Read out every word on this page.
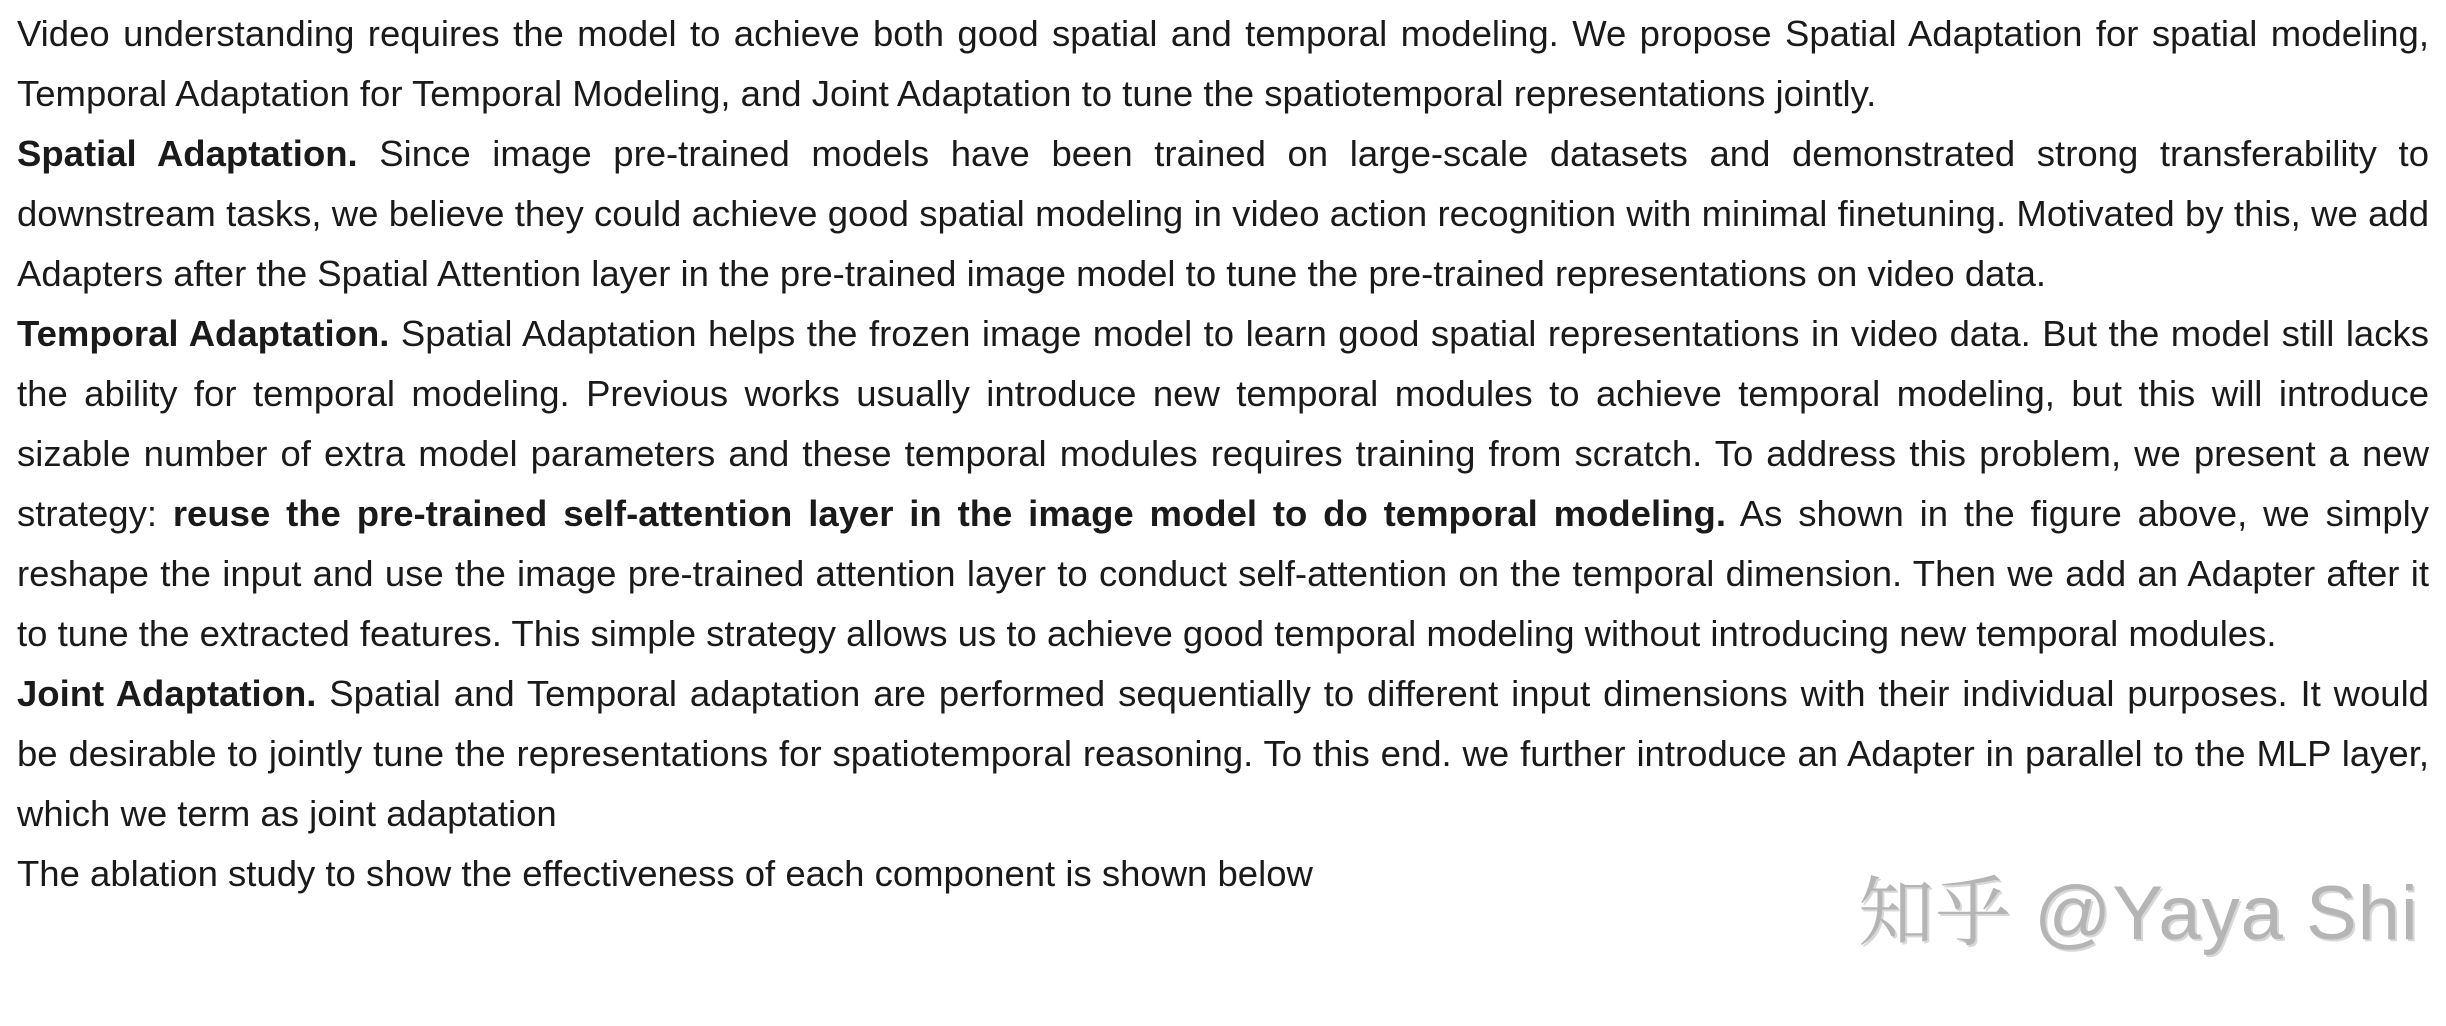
Video understanding requires the model to achieve both good spatial and temporal modeling. We propose Spatial Adaptation for spatial modeling, Temporal Adaptation for Temporal Modeling, and Joint Adaptation to tune the spatiotemporal representations jointly.

Spatial Adaptation. Since image pre-trained models have been trained on large-scale datasets and demonstrated strong transferability to downstream tasks, we believe they could achieve good spatial modeling in video action recognition with minimal finetuning. Motivated by this, we add Adapters after the Spatial Attention layer in the pre-trained image model to tune the pre-trained representations on video data.

Temporal Adaptation. Spatial Adaptation helps the frozen image model to learn good spatial representations in video data. But the model still lacks the ability for temporal modeling. Previous works usually introduce new temporal modules to achieve temporal modeling, but this will introduce sizable number of extra model parameters and these temporal modules requires training from scratch. To address this problem, we present a new strategy: reuse the pre-trained self-attention layer in the image model to do temporal modeling. As shown in the figure above, we simply reshape the input and use the image pre-trained attention layer to conduct self-attention on the temporal dimension. Then we add an Adapter after it to tune the extracted features. This simple strategy allows us to achieve good temporal modeling without introducing new temporal modules.

Joint Adaptation. Spatial and Temporal adaptation are performed sequentially to different input dimensions with their individual purposes. It would be desirable to jointly tune the representations for spatiotemporal reasoning. To this end. we further introduce an Adapter in parallel to the MLP layer, which we term as joint adaptation

The ablation study to show the effectiveness of each component is shown below	知乎 @Yaya Shi
